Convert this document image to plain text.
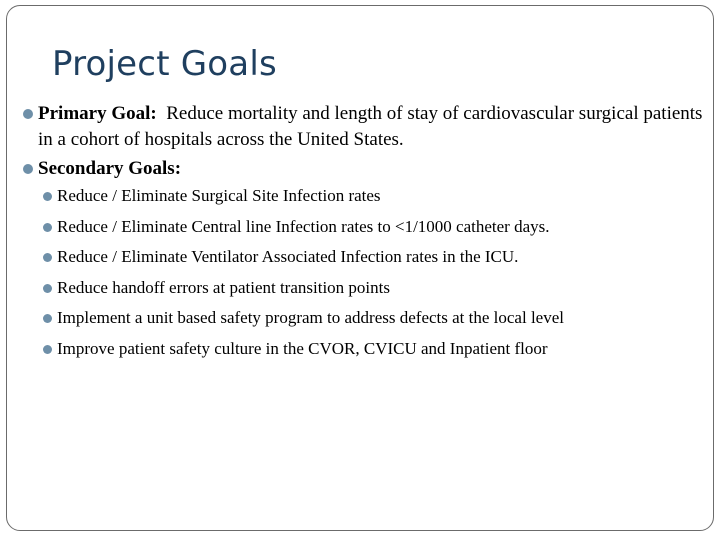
Project Goals
Primary Goal: Reduce mortality and length of stay of cardiovascular surgical patients in a cohort of hospitals across the United States.
Secondary Goals:
Reduce / Eliminate Surgical Site Infection rates
Reduce / Eliminate Central line Infection rates to <1/1000 catheter days.
Reduce / Eliminate Ventilator Associated Infection rates in the ICU.
Reduce handoff errors at patient transition points
Implement a unit based safety program to address defects at the local level
Improve patient safety culture in the CVOR, CVICU and Inpatient floor
